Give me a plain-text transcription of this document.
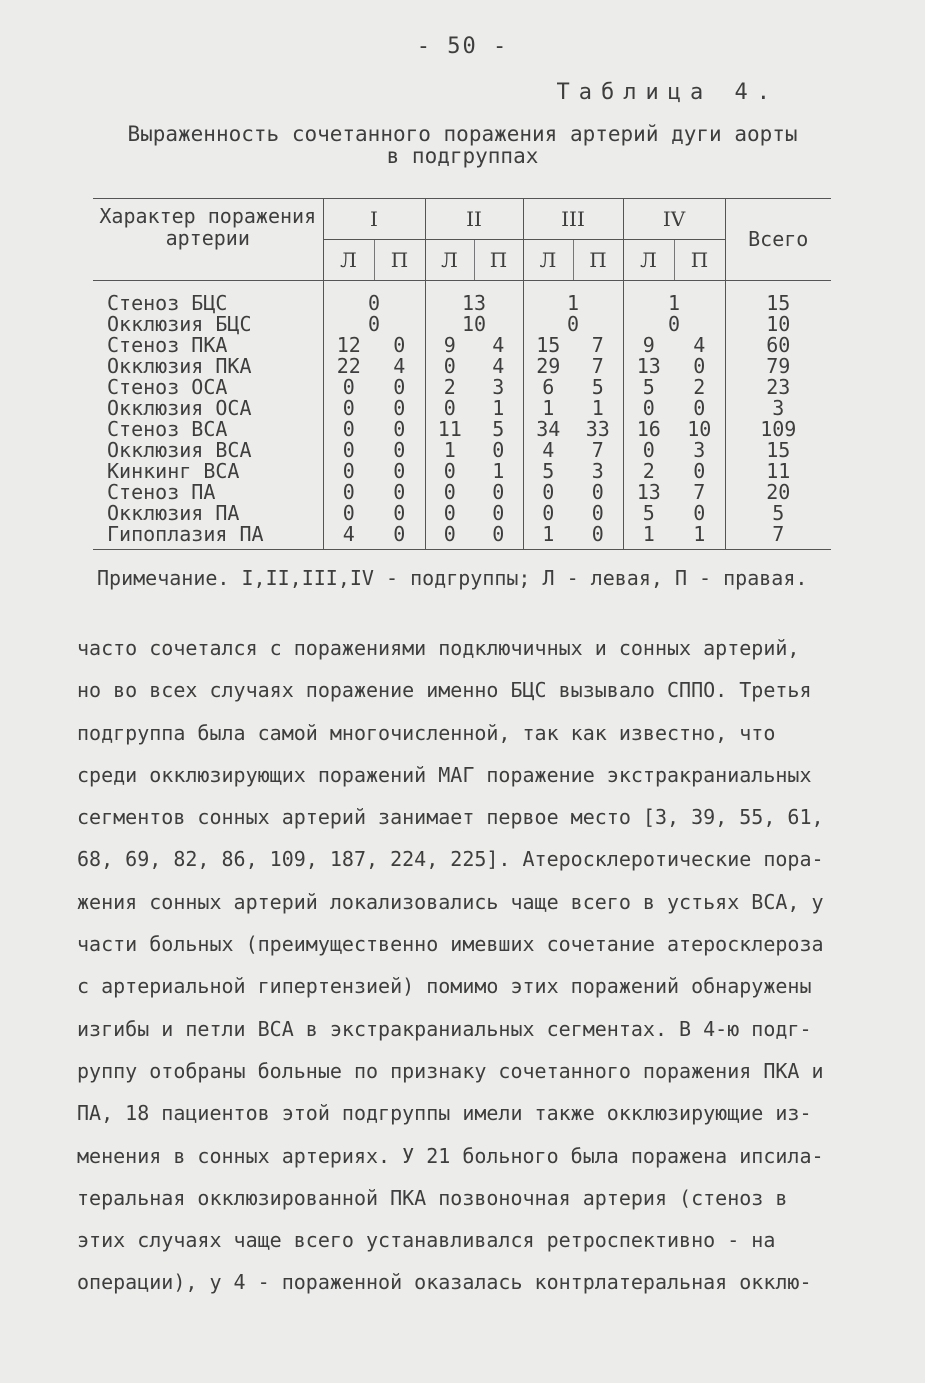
- 50 -
Таблица 4.
Выраженность сочетанного поражения артерий дуги аорты
в подгруппах
Характер поражения
артерии	I		II		III		IV		Всего
	Л	П	Л	П	Л	П	Л	П	
Стеноз БЦС	0		13		1		1		15
Окклюзия БЦС	0		10		0		0		10
Стеноз ПКА	12	0	9	4	15	7	9	4	60
Окклюзия ПКА	22	4	0	4	29	7	13	0	79
Стеноз ОСА	0	0	2	3	6	5	5	2	23
Окклюзия ОСА	0	0	0	1	1	1	0	0	3
Стеноз ВСА	0	0	11	5	34	33	16	10	109
Окклюзия ВСА	0	0	1	0	4	7	0	3	15
Кинкинг ВСА	0	0	0	1	5	3	2	0	11
Стеноз ПА	0	0	0	0	0	0	13	7	20
Окклюзия ПА	0	0	0	0	0	0	5	0	5
Гипоплазия ПА	4	0	0	0	1	0	1	1	7
Примечание. I,II,III,IV - подгруппы; Л - левая, П - правая.
часто сочетался с поражениями подключичных и сонных артерий,
но во всех случаях поражение именно БЦС вызывало СППО. Третья
подгруппа была самой многочисленной, так как известно, что
среди окклюзирующих поражений МАГ поражение экстракраниальных
сегментов сонных артерий занимает первое место [3, 39, 55, 61,
68, 69, 82, 86, 109, 187, 224, 225]. Атеросклеротические пора-
жения сонных артерий локализовались чаще всего в устьях ВСА, у
части больных (преимущественно имевших сочетание атеросклероза
с артериальной гипертензией) помимо этих поражений обнаружены
изгибы и петли ВСА в экстракраниальных сегментах. В 4-ю подг-
руппу отобраны больные по признаку сочетанного поражения ПКА и
ПА, 18 пациентов этой подгруппы имели также окклюзирующие из-
менения в сонных артериях. У 21 больного была поражена ипсила-
теральная окклюзированной ПКА позвоночная артерия (стеноз в
этих случаях чаще всего устанавливался ретроспективно - на
операции), у 4 - пораженной оказалась контрлатеральная окклю-
